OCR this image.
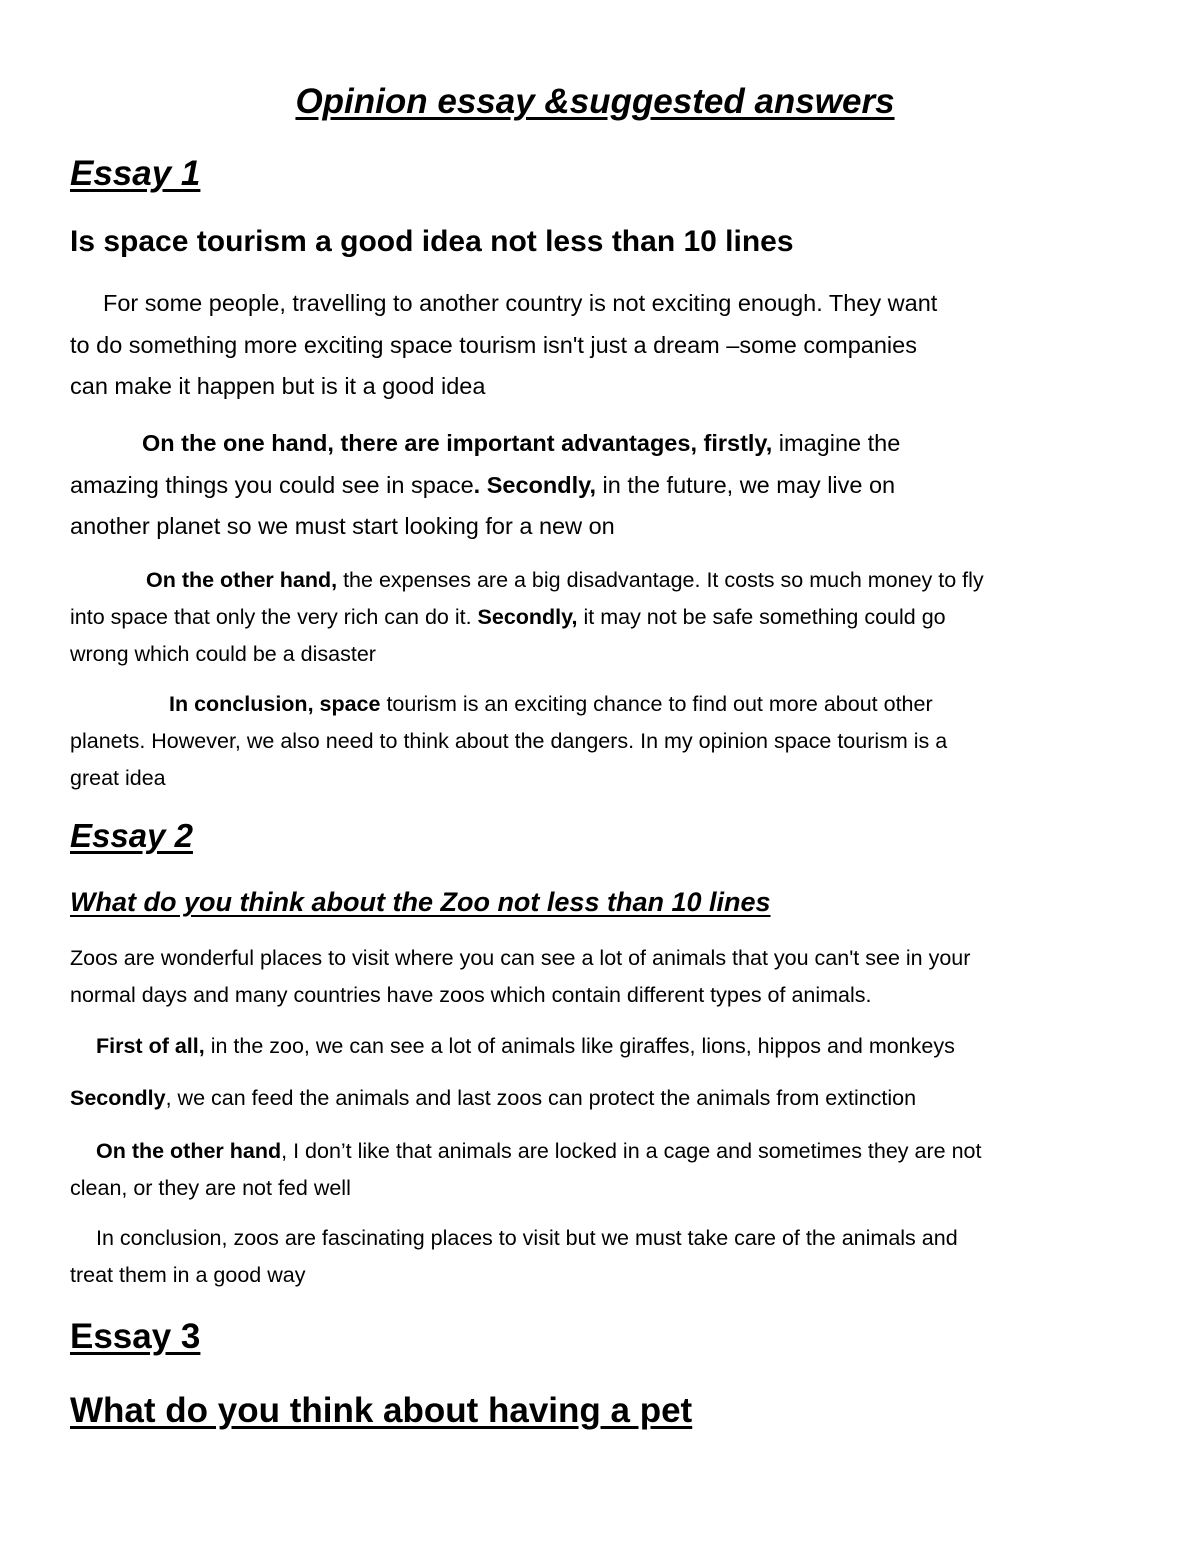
Opinion essay &suggested answers
Essay 1
Is space tourism a good idea not less than 10 lines
For some people, travelling to another country is not exciting enough. They want
to do something more exciting space tourism isn't just a dream –some companies
can make it happen but is it a good idea
On the one hand, there are important advantages, firstly, imagine the
amazing things you could see in space. Secondly, in the future, we may live on
another planet so we must start looking for a new on
On the other hand, the expenses are a big disadvantage. It costs so much money to fly
into space that only the very rich can do it. Secondly, it may not be safe something could go
wrong which could be a disaster
In conclusion, space tourism is an exciting chance to find out more about other
planets. However, we also need to think about the dangers. In my opinion space tourism is a
great idea
Essay 2
What do you think about the Zoo not less than 10 lines
Zoos are wonderful places to visit where you can see a lot of animals that you can't see in your
normal days and many countries have zoos which contain different types of animals.
First of all, in the zoo, we can see a lot of animals like giraffes, lions, hippos and monkeys
Secondly, we can feed the animals and last zoos can protect the animals from extinction
On the other hand, I don’t like that animals are locked in a cage and sometimes they are not
clean, or they are not fed well
In conclusion, zoos are fascinating places to visit but we must take care of the animals and
treat them in a good way
Essay 3
What do you think about having a pet
